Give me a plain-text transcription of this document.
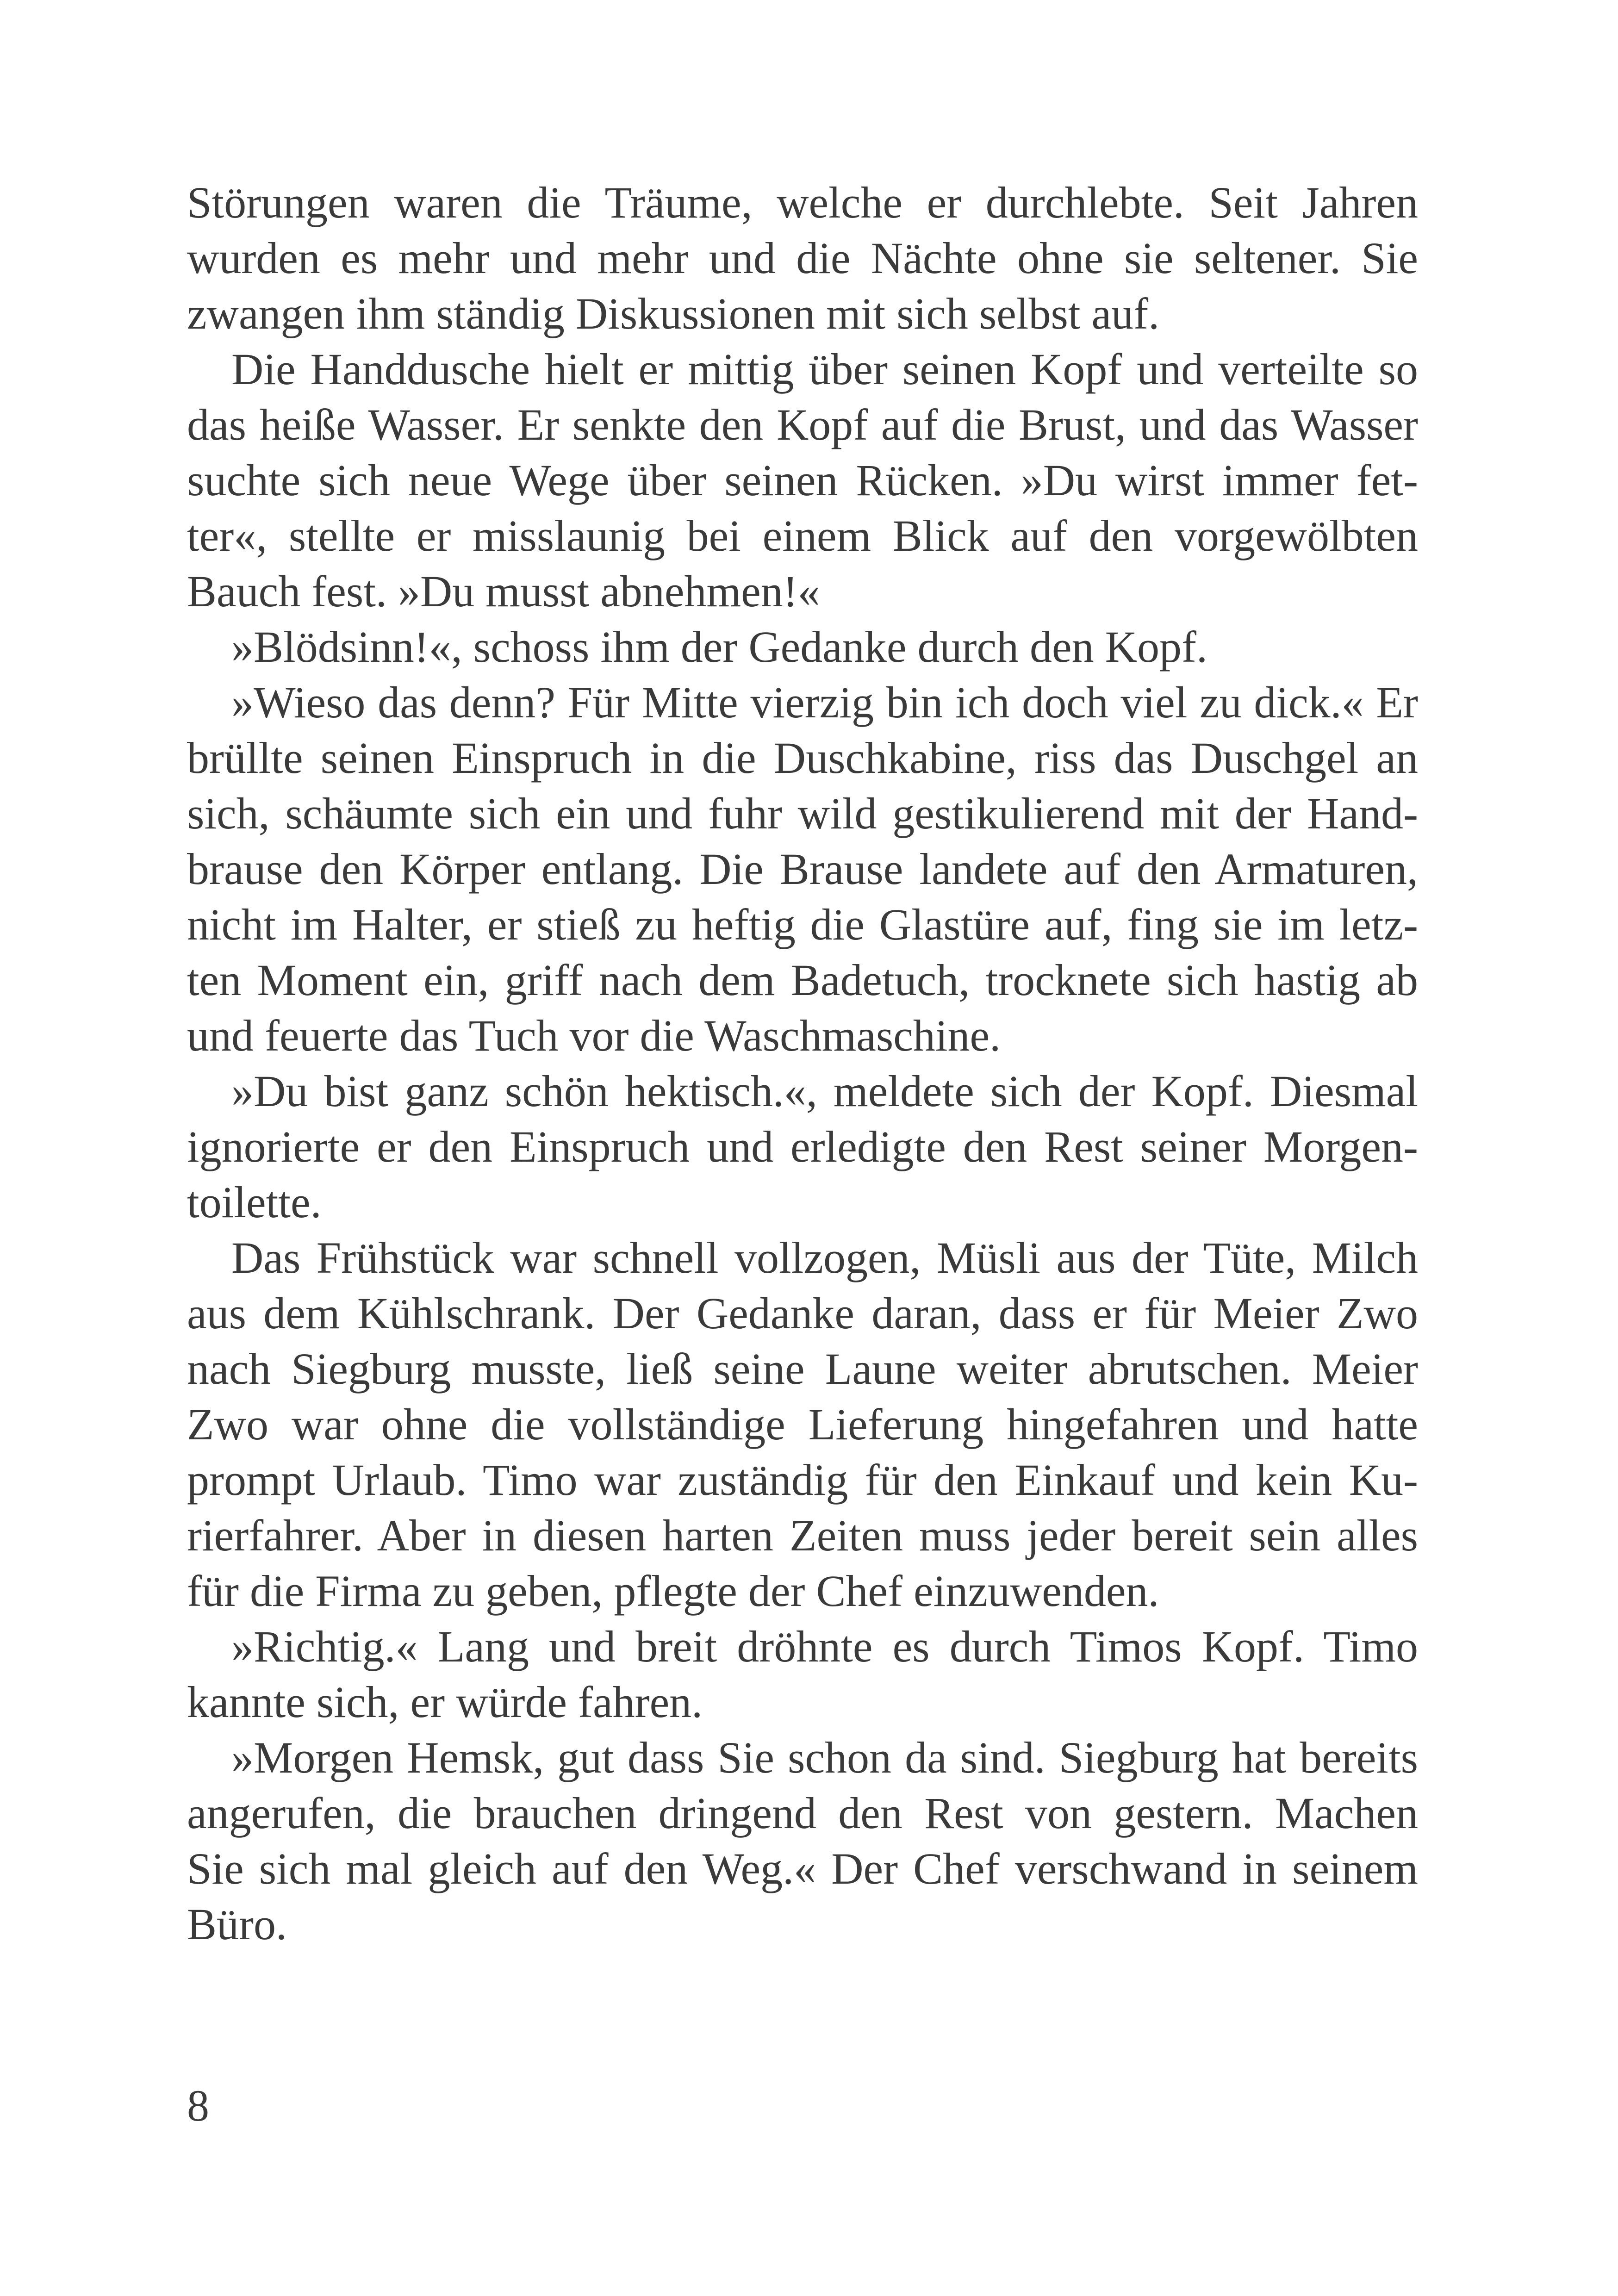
Störungen waren die Träume, welche er durchlebte. Seit Jahren
wurden es mehr und mehr und die Nächte ohne sie seltener. Sie
zwangen ihm ständig Diskussionen mit sich selbst auf.
Die Handdusche hielt er mittig über seinen Kopf und verteilte so
das heiße Wasser. Er senkte den Kopf auf die Brust, und das Wasser
suchte sich neue Wege über seinen Rücken. »Du wirst immer fet-
ter«, stellte er misslaunig bei einem Blick auf den vorgewölbten
Bauch fest. »Du musst abnehmen!«
»Blödsinn!«, schoss ihm der Gedanke durch den Kopf.
»Wieso das denn? Für Mitte vierzig bin ich doch viel zu dick.« Er
brüllte seinen Einspruch in die Duschkabine, riss das Duschgel an
sich, schäumte sich ein und fuhr wild gestikulierend mit der Hand-
brause den Körper entlang. Die Brause landete auf den Armaturen,
nicht im Halter, er stieß zu heftig die Glastüre auf, fing sie im letz-
ten Moment ein, griff nach dem Badetuch, trocknete sich hastig ab
und feuerte das Tuch vor die Waschmaschine.
»Du bist ganz schön hektisch.«, meldete sich der Kopf. Diesmal
ignorierte er den Einspruch und erledigte den Rest seiner Morgen-
toilette.
Das Frühstück war schnell vollzogen, Müsli aus der Tüte, Milch
aus dem Kühlschrank. Der Gedanke daran, dass er für Meier Zwo
nach Siegburg musste, ließ seine Laune weiter abrutschen. Meier
Zwo war ohne die vollständige Lieferung hingefahren und hatte
prompt Urlaub. Timo war zuständig für den Einkauf und kein Ku-
rierfahrer. Aber in diesen harten Zeiten muss jeder bereit sein alles
für die Firma zu geben, pflegte der Chef einzuwenden.
»Richtig.« Lang und breit dröhnte es durch Timos Kopf. Timo
kannte sich, er würde fahren.
»Morgen Hemsk, gut dass Sie schon da sind. Siegburg hat bereits
angerufen, die brauchen dringend den Rest von gestern. Machen
Sie sich mal gleich auf den Weg.« Der Chef verschwand in seinem
Büro.
8
